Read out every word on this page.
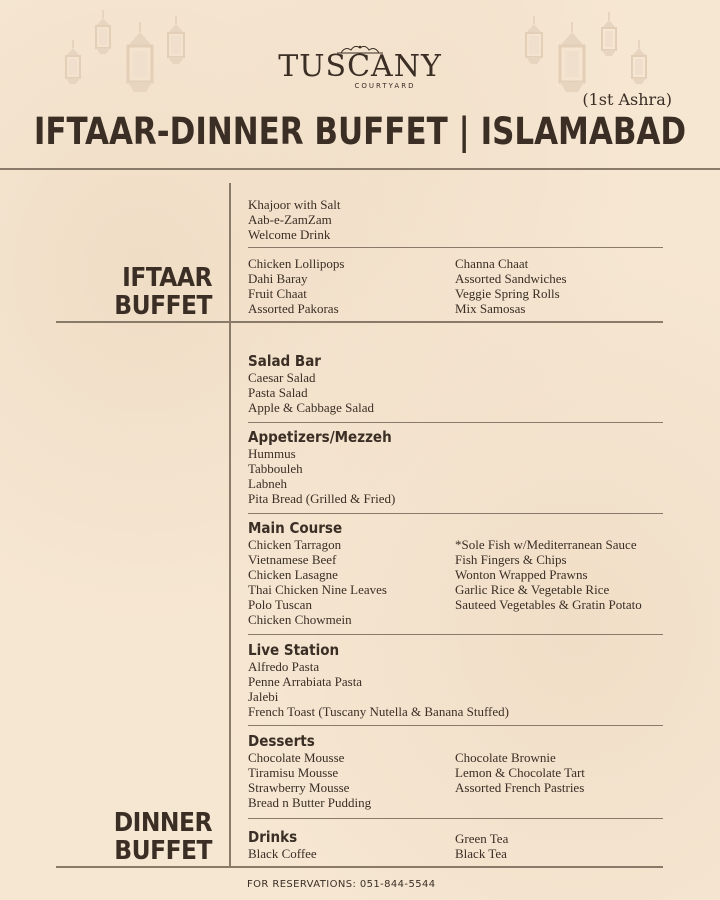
TUSCANY
COURTYARD
(1st Ashra)
IFTAAR-DINNER BUFFET | ISLAMABAD
IFTAAR
BUFFET
DINNER
BUFFET
Khajoor with Salt
Aab-e-ZamZam
Welcome Drink
Chicken Lollipops
Dahi Baray
Fruit Chaat
Assorted Pakoras
Channa Chaat
Assorted Sandwiches
Veggie Spring Rolls
Mix Samosas
Salad Bar
Caesar Salad
Pasta Salad
Apple & Cabbage Salad
Appetizers/Mezzeh
Hummus
Tabbouleh
Labneh
Pita Bread (Grilled & Fried)
Main Course
Chicken Tarragon
Vietnamese Beef
Chicken Lasagne
Thai Chicken Nine Leaves
Polo Tuscan
Chicken Chowmein
*Sole Fish w/Mediterranean Sauce
Fish Fingers & Chips
Wonton Wrapped Prawns
Garlic Rice & Vegetable Rice
Sauteed Vegetables & Gratin Potato
Live Station
Alfredo Pasta
Penne Arrabiata Pasta
Jalebi
French Toast (Tuscany Nutella & Banana Stuffed)
Desserts
Chocolate Mousse
Tiramisu Mousse
Strawberry Mousse
Bread n Butter Pudding
Chocolate Brownie
Lemon & Chocolate Tart
Assorted French Pastries
Drinks
Black Coffee
Green Tea
Black Tea
FOR RESERVATIONS: 051-844-5544
